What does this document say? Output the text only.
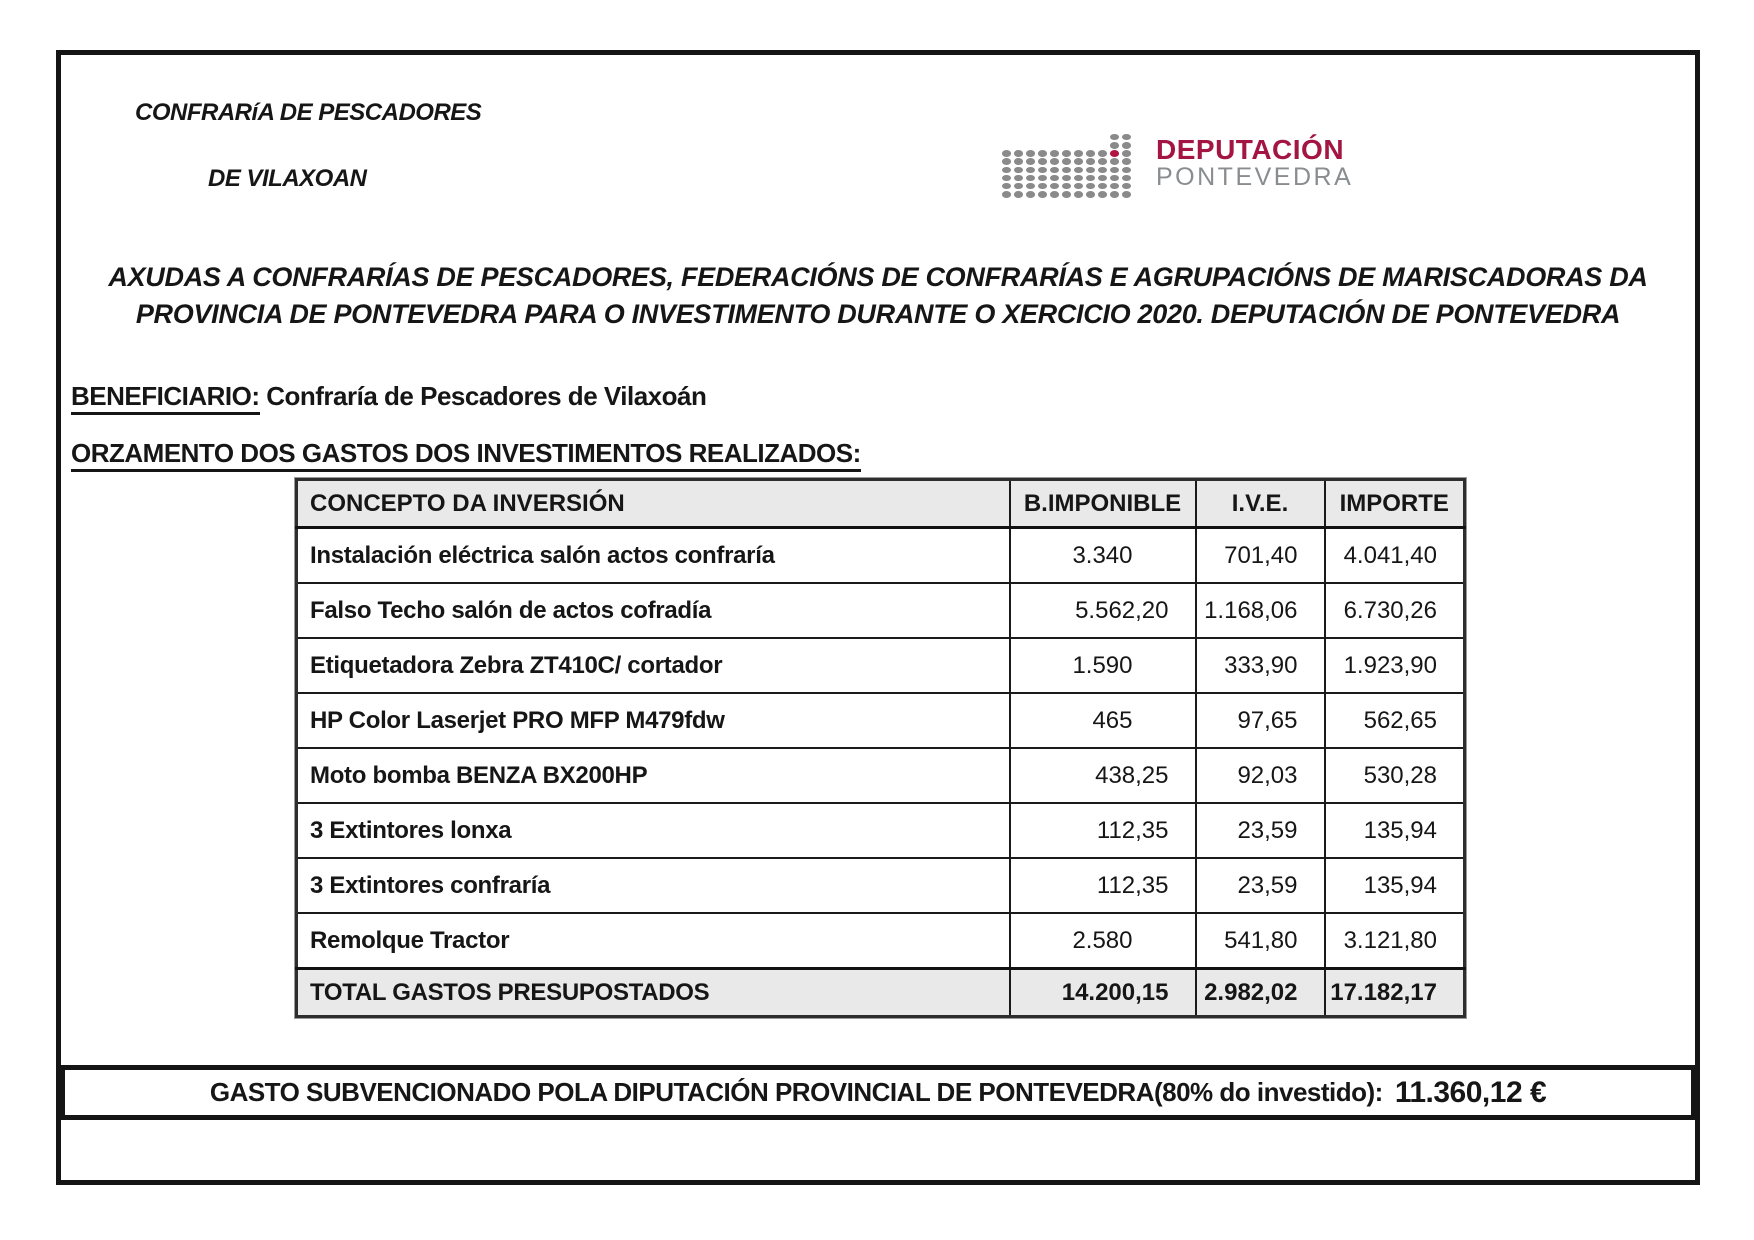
CONFRARíA DE PESCADORES
DE VILAXOAN
DEPUTACIÓN
PONTEVEDRA
AXUDAS A CONFRARÍAS DE PESCADORES, FEDERACIÓNS DE CONFRARÍAS E AGRUPACIÓNS DE MARISCADORAS DA
PROVINCIA DE PONTEVEDRA PARA O INVESTIMENTO DURANTE O XERCICIO 2020. DEPUTACIÓN DE PONTEVEDRA
BENEFICIARIO: Confraría de Pescadores de Vilaxoán
ORZAMENTO DOS GASTOS DOS INVESTIMENTOS REALIZADOS:
CONCEPTO DA INVERSIÓN	B.IMPONIBLE	I.V.E.	IMPORTE
Instalación eléctrica salón actos confraría	3.340	701,40	4.041,40
Falso Techo salón de actos cofradía	5.562,20	1.168,06	6.730,26
Etiquetadora Zebra ZT410C/ cortador	1.590	333,90	1.923,90
HP Color Laserjet PRO MFP M479fdw	465	97,65	562,65
Moto bomba BENZA BX200HP	438,25	92,03	530,28
3 Extintores lonxa	112,35	23,59	135,94
3 Extintores confraría	112,35	23,59	135,94
Remolque Tractor	2.580	541,80	3.121,80
TOTAL GASTOS PRESUPOSTADOS	14.200,15	2.982,02	17.182,17
GASTO SUBVENCIONADO POLA DIPUTACIÓN PROVINCIAL DE PONTEVEDRA(80% do investido): 11.360,12 €
